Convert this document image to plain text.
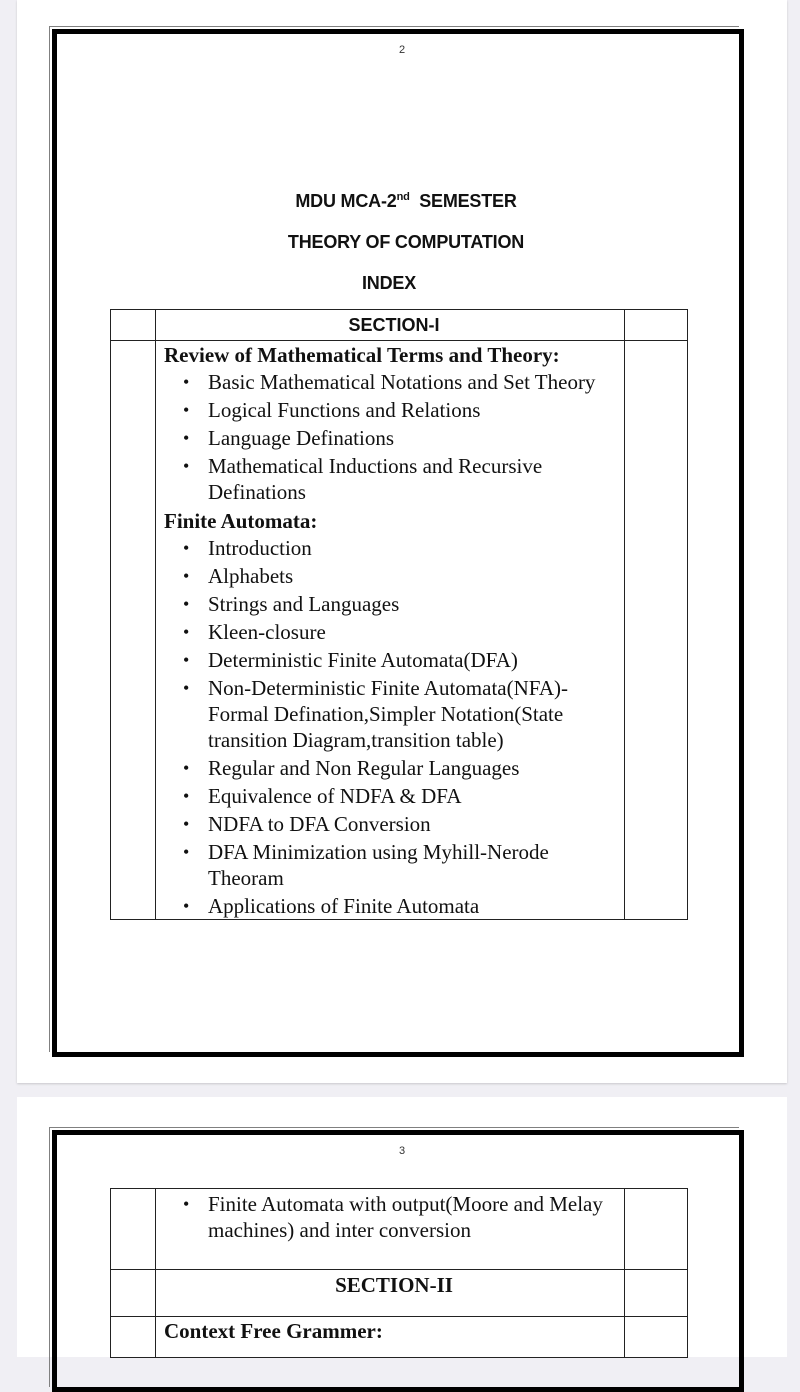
2
MDU MCA-2nd  SEMESTER
THEORY OF COMPUTATION
INDEX

	SECTION-I	

Review of Mathematical Terms and Theory:
• Basic Mathematical Notations and Set Theory
• Logical Functions and Relations
• Language Definations
• Mathematical Inductions and Recursive Definations
Finite Automata:
• Introduction
• Alphabets
• Strings and Languages
• Kleen-closure
• Deterministic Finite Automata(DFA)
• Non-Deterministic Finite Automata(NFA)-Formal Defination,Simpler Notation(State transition Diagram,transition table)
• Regular and Non Regular Languages
• Equivalence of NDFA & DFA
• NDFA to DFA Conversion
• DFA Minimization using Myhill-Nerode Theoram
• Applications of Finite Automata

3

• Finite Automata with output(Moore and Melay machines) and inter conversion

	SECTION-II	

	Context Free Grammer:	
